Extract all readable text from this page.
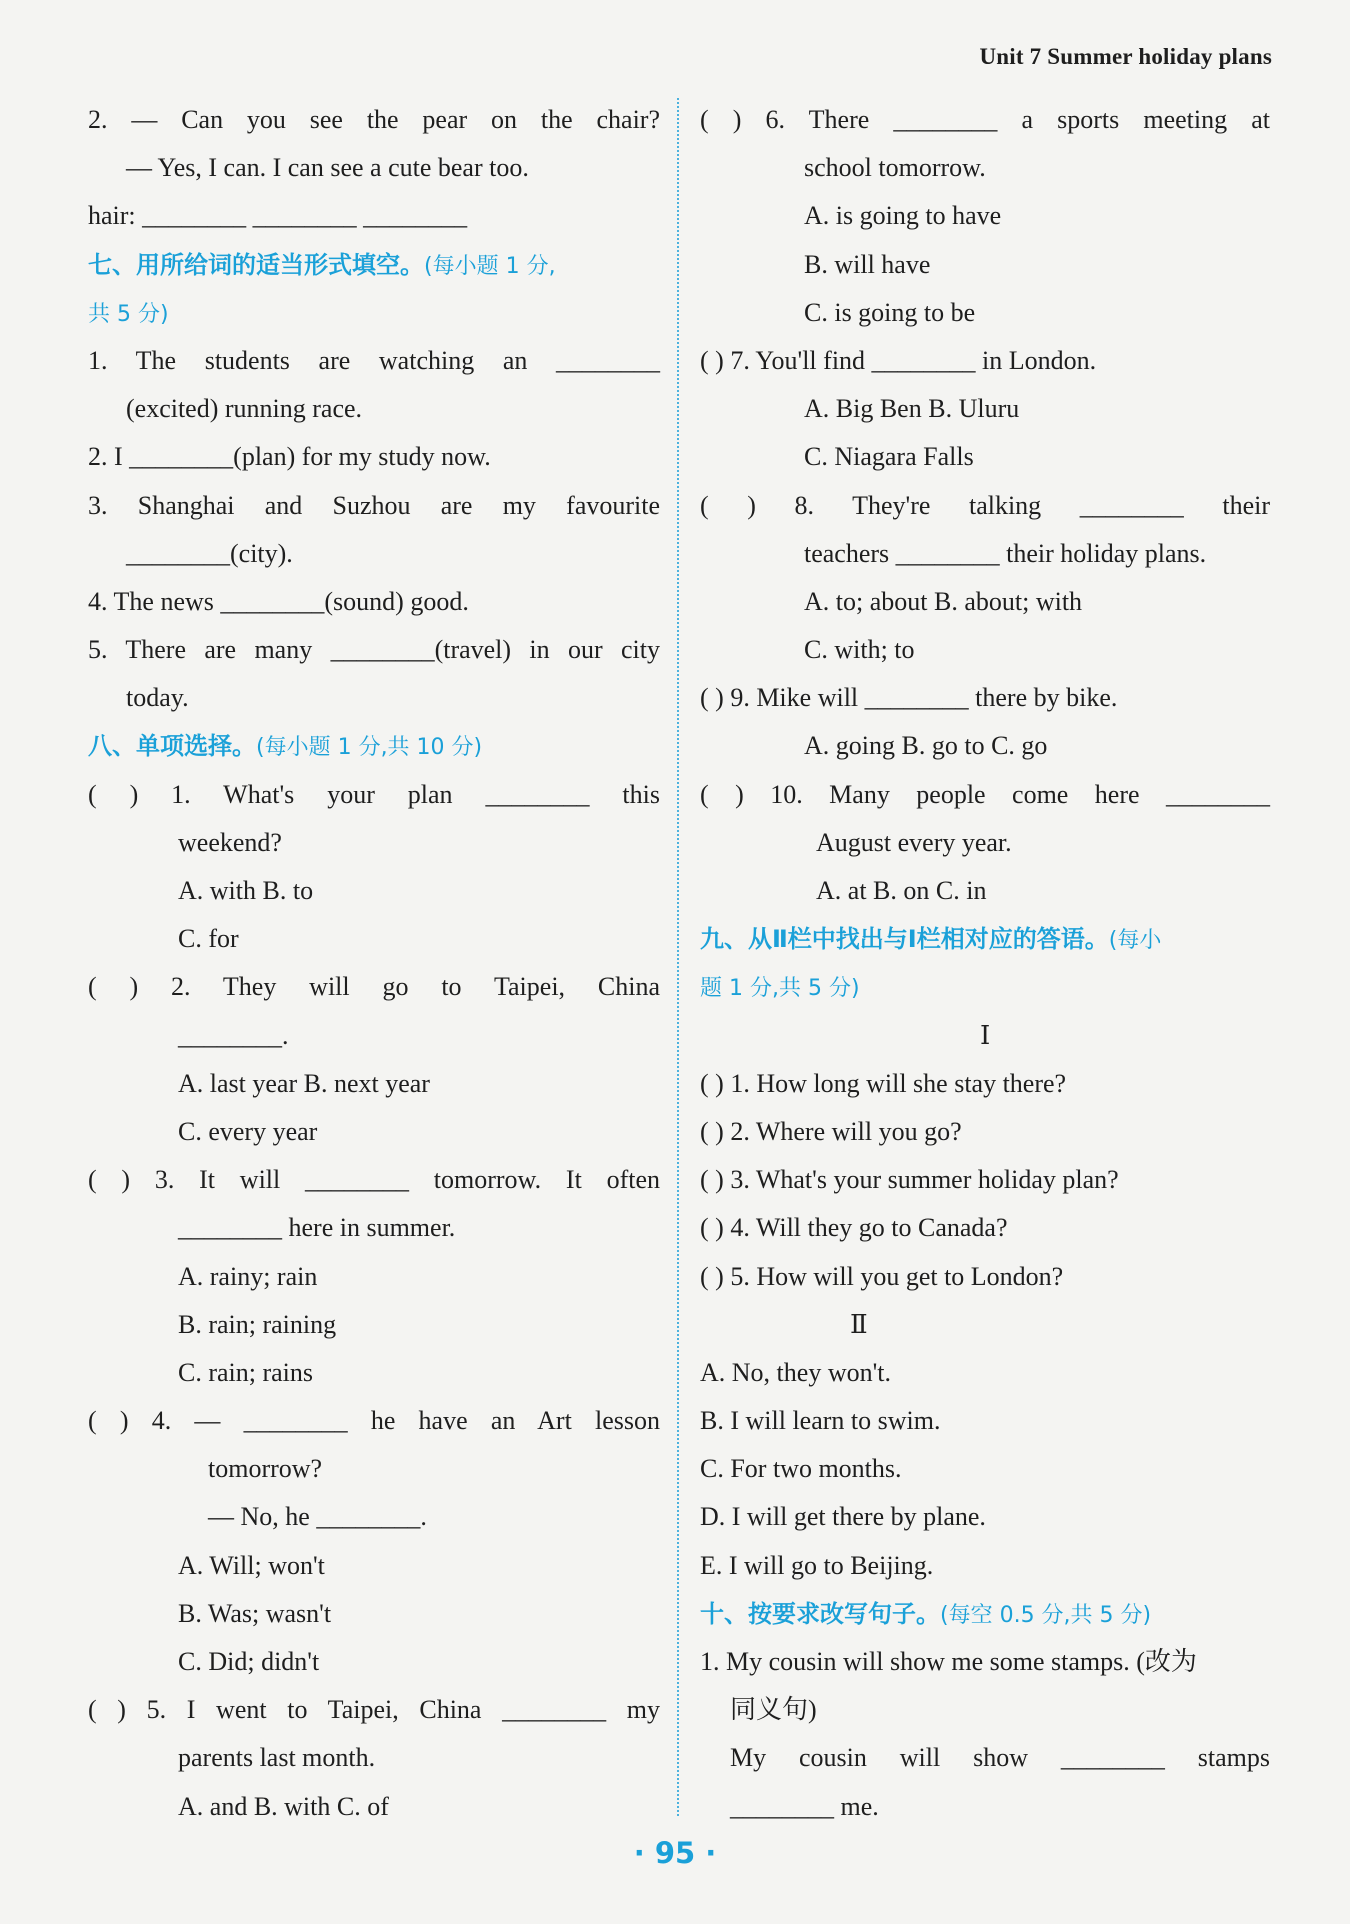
Unit 7 Summer holiday plans
2. — Can you see the pear on the chair?
— Yes, I can. I can see a cute bear too.
hair: ________ ________ ________
七、用所给词的适当形式填空。(每小题 1 分,
共 5 分)
1. The students are watching an ________
(excited) running race.
2. I ________(plan) for my study now.
3. Shanghai and Suzhou are my favourite
________(city).
4. The news ________(sound) good.
5. There are many ________(travel) in our city
today.
八、单项选择。(每小题 1 分,共 10 分)
( ) 1. What's your plan ________ this
weekend?
A. with B. to
C. for
( ) 2. They will go to Taipei, China
________.
A. last year B. next year
C. every year
( ) 3. It will ________ tomorrow. It often
________ here in summer.
A. rainy; rain
B. rain; raining
C. rain; rains
( ) 4. — ________ he have an Art lesson
tomorrow?
— No, he ________.
A. Will; won't
B. Was; wasn't
C. Did; didn't
( ) 5. I went to Taipei, China ________ my
parents last month.
A. and B. with C. of
( ) 6. There ________ a sports meeting at
school tomorrow.
A. is going to have
B. will have
C. is going to be
( ) 7. You'll find ________ in London.
A. Big Ben B. Uluru
C. Niagara Falls
( ) 8. They're talking ________ their
teachers ________ their holiday plans.
A. to; about B. about; with
C. with; to
( ) 9. Mike will ________ there by bike.
A. going B. go to C. go
( ) 10. Many people come here ________
August every year.
A. at B. on C. in
九、从Ⅱ栏中找出与Ⅰ栏相对应的答语。(每小
题 1 分,共 5 分)
Ⅰ
( ) 1. How long will she stay there?
( ) 2. Where will you go?
( ) 3. What's your summer holiday plan?
( ) 4. Will they go to Canada?
( ) 5. How will you get to London?
Ⅱ
A. No, they won't.
B. I will learn to swim.
C. For two months.
D. I will get there by plane.
E. I will go to Beijing.
十、按要求改写句子。(每空 0.5 分,共 5 分)
1. My cousin will show me some stamps. (改为
同义句)
My cousin will show ________ stamps
________ me.
· 95 ·
